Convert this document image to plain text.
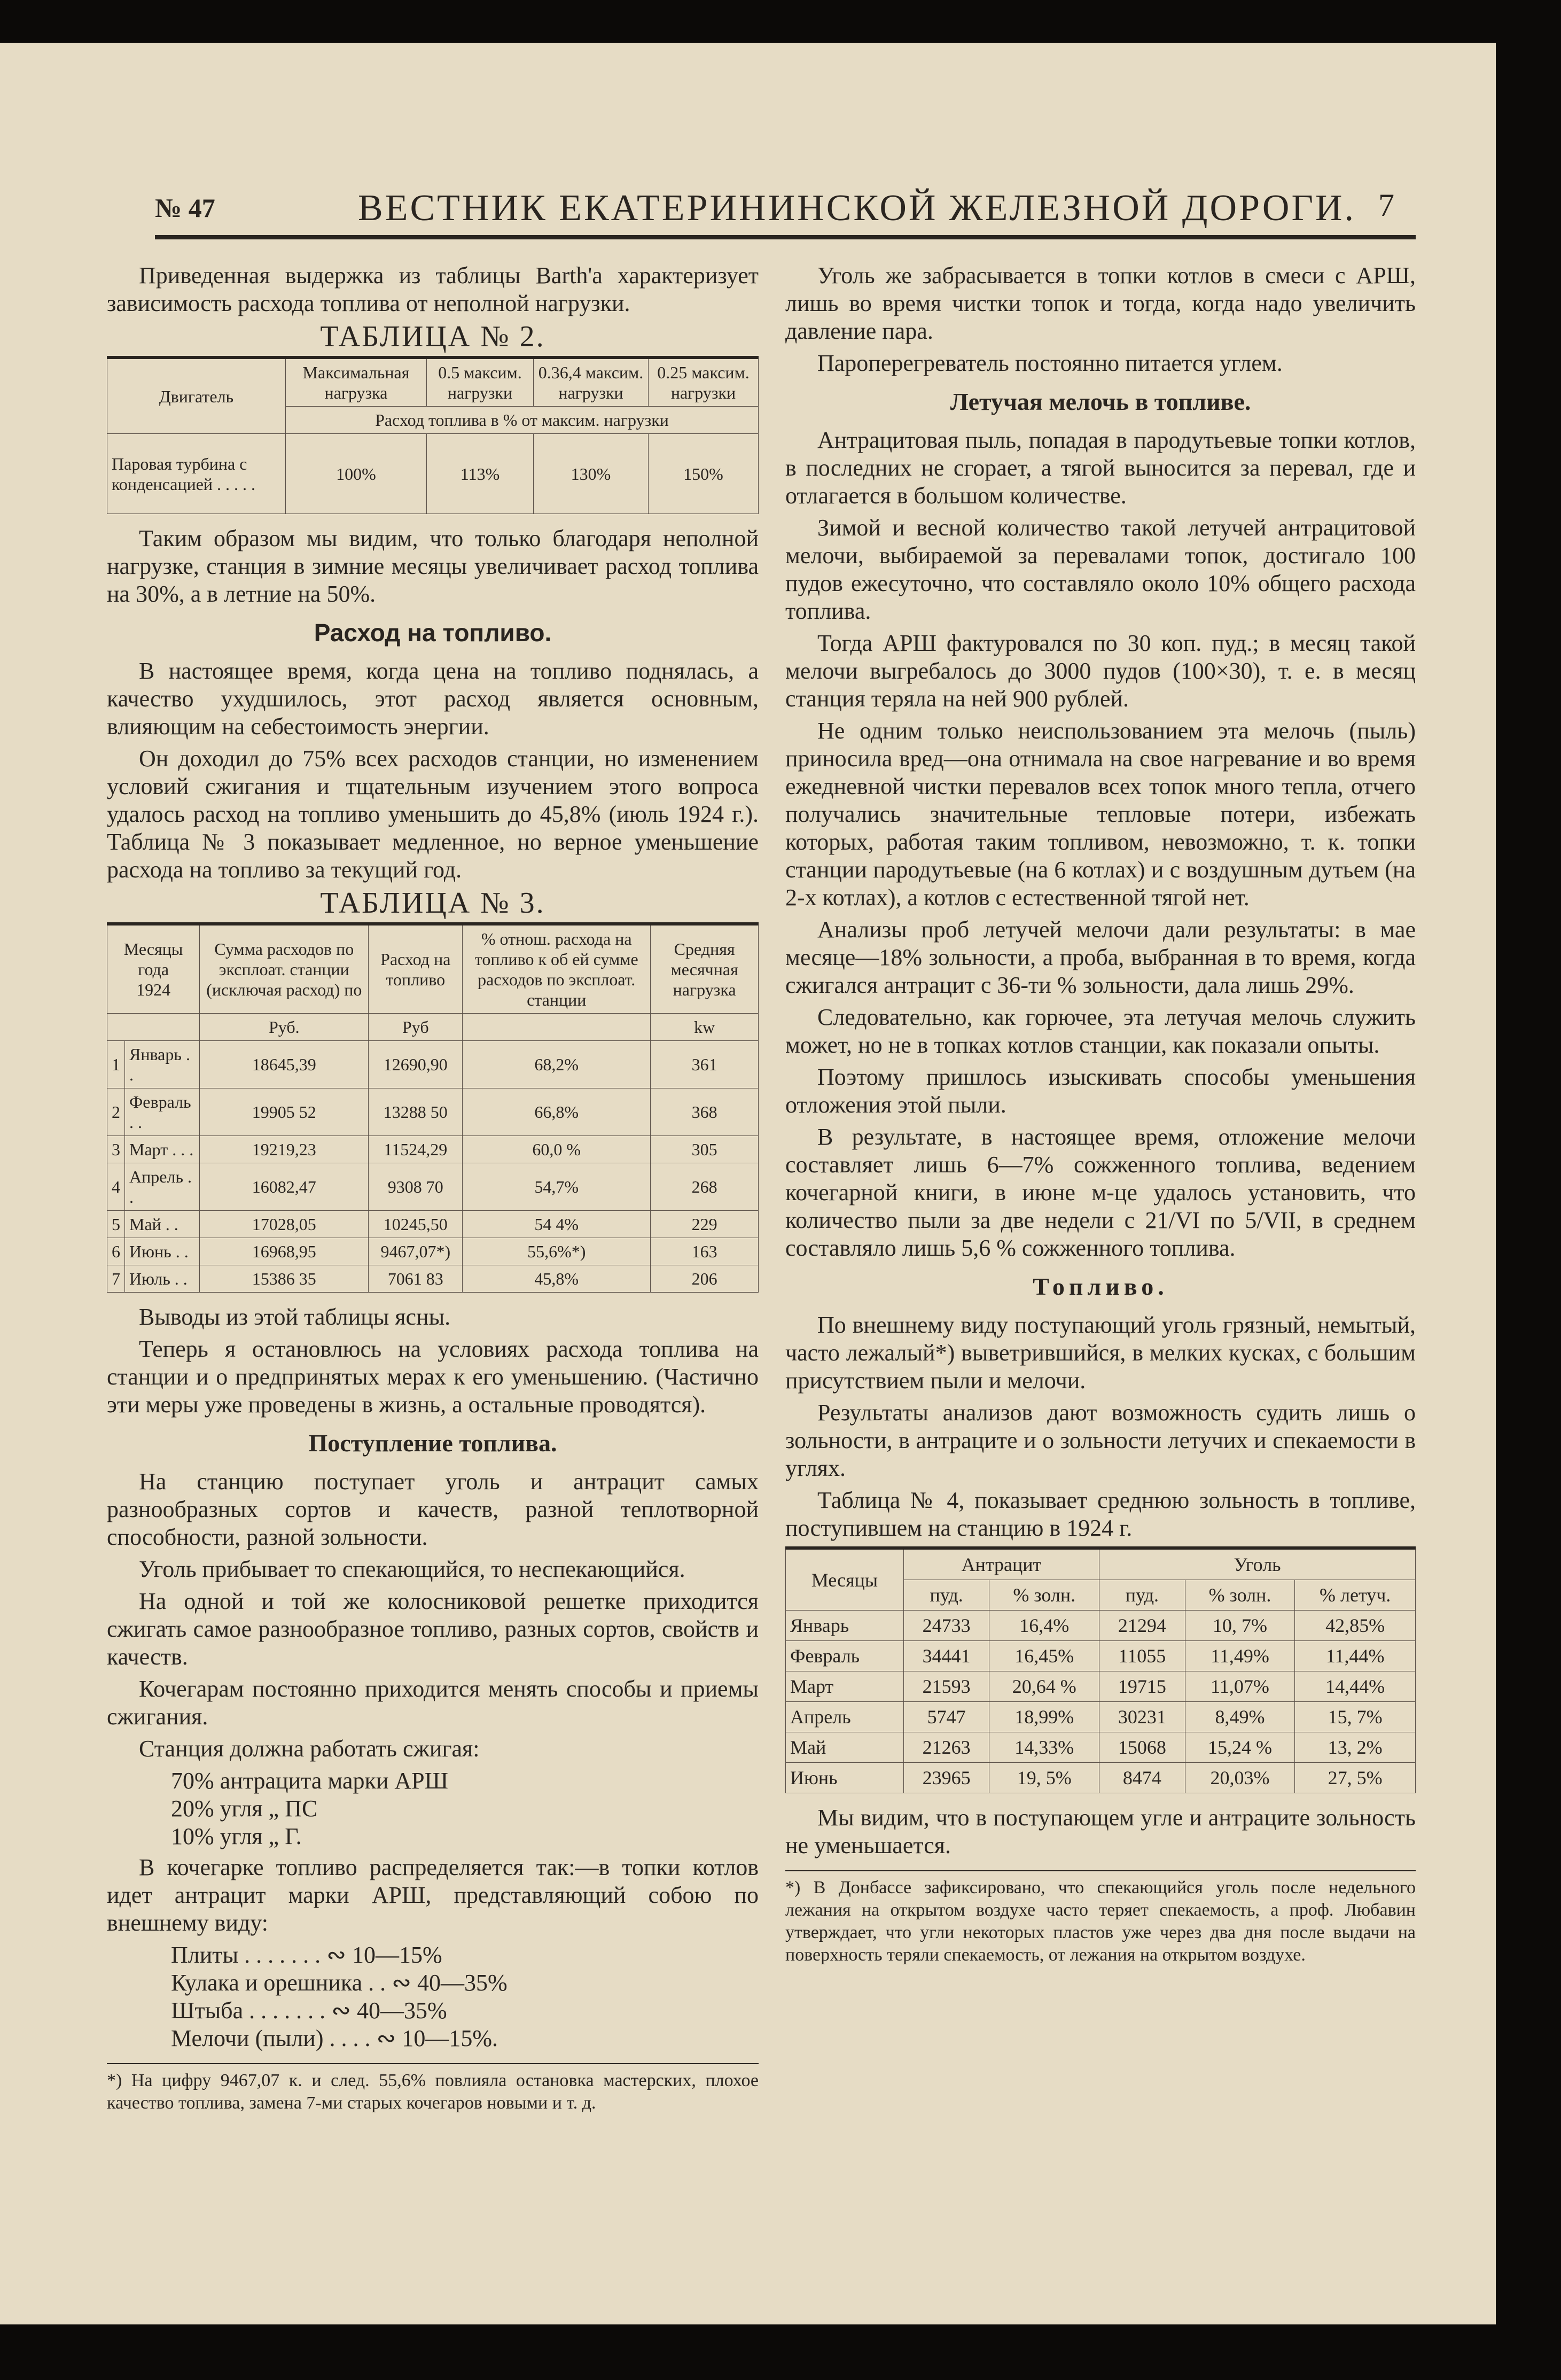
№ 47	ВЕСТНИК ЕКАТЕРИНИНСКОЙ ЖЕЛЕЗНОЙ ДОРОГИ. 7

Приведенная выдержка из таблицы Barth'a характеризует зависимость расхода топлива от неполной нагрузки.

ТАБЛИЦА № 2.
Двигатель	Максимальная нагрузка	0.5 максим. нагрузки	0.36,4 максим. нагрузки	0.25 максим. нагрузки
	Расход топлива в % от максим. нагрузки			
Паровая турбина с конденсацией . . . . .	100%	113%	130%	150%

Таким образом мы видим, что только благодаря неполной нагрузке, станция в зимние месяцы увеличивает расход топлива на 30%, а в летние на 50%.

Расход на топливо.

В настоящее время, когда цена на топливо поднялась, а качество ухудшилось, этот расход является основным, влияющим на себестоимость энергии.

Он доходил до 75% всех расходов станции, но изменением условий сжигания и тщательным изучением этого вопроса удалось расход на топливо уменьшить до 45,8% (июль 1924 г.). Таблица № 3 показывает медленное, но верное уменьшение расхода на топливо за текущий год.

ТАБЛИЦА № 3.
Месяцы года
1924		Сумма расходов по эксплоат. станции (исключая расход) по	Расход на топливо	% отнош. расхода на топливо к об ей сумме расходов по эксплоат. станции	Средняя месячная нагрузка
		Руб.	Руб		kw
1	Январь . .	18645,39	12690,90	68,2%	361
2	Февраль . .	19905 52	13288 50	66,8%	368
3	Март . . .	19219,23	11524,29	60,0 %	305
4	Апрель . .	16082,47	9308 70	54,7%	268
5	Май . .	17028,05	10245,50	54 4%	229
6	Июнь . .	16968,95	9467,07*)	55,6%*)	163
7	Июль . .	15386 35	7061 83	45,8%	206

Выводы из этой таблицы ясны.

Теперь я остановлюсь на условиях расхода топлива на станции и о предпринятых мерах к его уменьшению. (Частично эти меры уже проведены в жизнь, а остальные проводятся).

Поступление топлива.

На станцию поступает уголь и антрацит самых разнообразных сортов и качеств, разной теплотворной способности, разной зольности.

Уголь прибывает то спекающийся, то неспекающийся.

На одной и той же колосниковой решетке приходится сжигать самое разнообразное топливо, разных сортов, свойств и качеств.

Кочегарам постоянно приходится менять способы и приемы сжигания.

Станция должна работать сжигая:

70% антрацита марки АРШ
20% угля „ ПС
10% угля „ Г.

В кочегарке топливо распределяется так:—в топки котлов идет антрацит марки АРШ, представляющий собою по внешнему виду:

Плиты . . . . . . . ∾ 10—15%
Кулака и орешника . . ∾ 40—35%
Штыба . . . . . . . ∾ 40—35%
Мелочи (пыли) . . . . ∾ 10—15%.
*) На цифру 9467,07 к. и след. 55,6% повлияла остановка мастерских, плохое качество топлива, замена 7-ми старых кочегаров новыми и т. д.

Уголь же забрасывается в топки котлов в смеси с АРШ, лишь во время чистки топок и тогда, когда надо увеличить давление пара.

Пароперегреватель постоянно питается углем.

Летучая мелочь в топливе.

Антрацитовая пыль, попадая в пародутьевые топки котлов, в последних не сгорает, а тягой выносится за перевал, где и отлагается в большом количестве.

Зимой и весной количество такой летучей антрацитовой мелочи, выбираемой за перевалами топок, достигало 100 пудов ежесуточно, что составляло около 10% общего расхода топлива.

Тогда АРШ фактуровался по 30 коп. пуд.; в месяц такой мелочи выгребалось до 3000 пудов (100×30), т. е. в месяц станция теряла на ней 900 рублей.

Не одним только неиспользованием эта мелочь (пыль) приносила вред—она отнимала на свое нагревание и во время ежедневной чистки перевалов всех топок много тепла, отчего получались значительные тепловые потери, избежать которых, работая таким топливом, невозможно, т. к. топки станции пародутьевые (на 6 котлах) и с воздушным дутьем (на 2-х котлах), а котлов с естественной тягой нет.

Анализы проб летучей мелочи дали результаты: в мае месяце—18% зольности, а проба, выбранная в то время, когда сжигался антрацит с 36-ти % зольности, дала лишь 29%.

Следовательно, как горючее, эта летучая мелочь служить может, но не в топках котлов станции, как показали опыты.

Поэтому пришлось изыскивать способы уменьшения отложения этой пыли.

В результате, в настоящее время, отложение мелочи составляет лишь 6—7% сожженного топлива, ведением кочегарной книги, в июне м-це удалось установить, что количество пыли за две недели с 21/VI по 5/VII, в среднем составляло лишь 5,6 % сожженного топлива.

Топливо.

По внешнему виду поступающий уголь грязный, немытый, часто лежалый*) выветрившийся, в мелких кусках, с большим присутствием пыли и мелочи.

Результаты анализов дают возможность судить лишь о зольности, в антраците и о зольности летучих и спекаемости в углях.

Таблица № 4, показывает среднюю зольность в топливе, поступившем на станцию в 1924 г.

Месяцы	Антрацит		Уголь		
	пуд.	% золн.	пуд.	% золн.	% летуч.
Январь	24733	16,4%	21294	10, 7%	42,85%
Февраль	34441	16,45%	11055	11,49%	11,44%
Март	21593	20,64 %	19715	11,07%	14,44%
Апрель	5747	18,99%	30231	8,49%	15, 7%
Май	21263	14,33%	15068	15,24 %	13, 2%
Июнь	23965	19, 5%	8474	20,03%	27, 5%

Мы видим, что в поступающем угле и антраците зольность не уменьшается.

*) В Донбассе зафиксировано, что спекающийся уголь после недельного лежания на открытом воздухе часто теряет спекаемость, а проф. Любавин утверждает, что угли некоторых пластов уже через два дня после выдачи на поверхность теряли спекаемость, от лежания на открытом воздухе.
